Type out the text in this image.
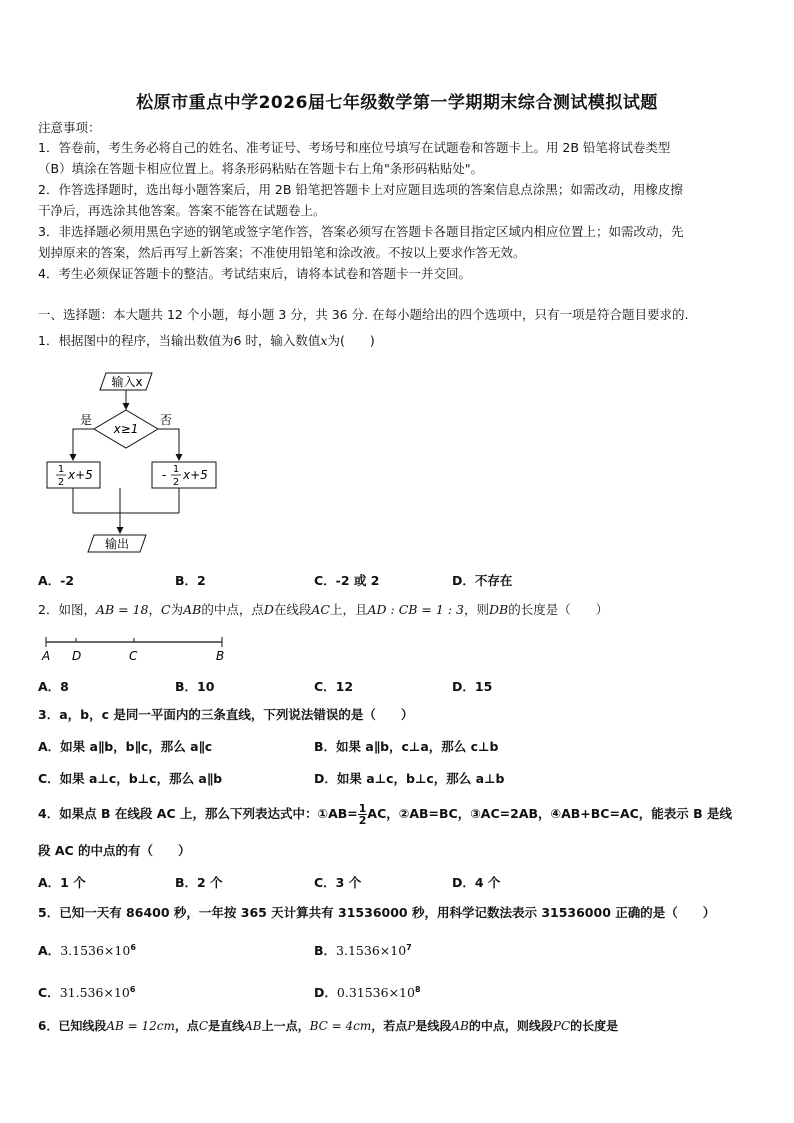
松原市重点中学2026届七年级数学第一学期期末综合测试模拟试题
注意事项：
1．答卷前，考生务必将自己的姓名、准考证号、考场号和座位号填写在试题卷和答题卡上。用 2B 铅笔将试卷类型
（B）填涂在答题卡相应位置上。将条形码粘贴在答题卡右上角"条形码粘贴处"。
2．作答选择题时，选出每小题答案后，用 2B 铅笔把答题卡上对应题目选项的答案信息点涂黑；如需改动，用橡皮擦
干净后，再选涂其他答案。答案不能答在试题卷上。
3．非选择题必须用黑色字迹的钢笔或签字笔作答，答案必须写在答题卡各题目指定区域内相应位置上；如需改动，先
划掉原来的答案，然后再写上新答案；不准使用铅笔和涂改液。不按以上要求作答无效。
4．考生必须保证答题卡的整洁。考试结束后，请将本试卷和答题卡一并交回。
一、选择题：本大题共 12 个小题，每小题 3 分，共 36 分. 在每小题给出的四个选项中，只有一项是符合题目要求的.
1．根据图中的程序，当输出数值为6 时，输入数值x为(　　)
输入x
x≥1
是	否
1
2
x+5	- 1
2
x+5
输出
A．-2	B．2	C．-2 或 2	D．不存在
2．如图，AB = 18，C为AB的中点，点D在线段AC上，且AD : CB = 1 : 3，则DB的长度是（　　）
A D	C	B
A．8	B．10	C．12	D．15
3．a，b，c 是同一平面内的三条直线，下列说法错误的是（　　）
A．如果 a∥b，b∥c，那么 a∥c	B．如果 a∥b，c⊥a，那么 c⊥b
C．如果 a⊥c，b⊥c，那么 a∥b	D．如果 a⊥c，b⊥c，那么 a⊥b
4．如果点 B 在线段 AC 上，那么下列表达式中：①AB= $\frac{1}{2}$ AC，②AB=BC，③AC=2AB，④AB+BC=AC，能表示 B 是线
段 AC 的中点的有（　　）
A．1 个	B．2 个	C．3 个	D．4 个
5．已知一天有 86400 秒，一年按 365 天计算共有 31536000 秒，用科学记数法表示 31536000 正确的是（　　）
A．$3.1536\times 10^6$	B．$3.1536\times 10^7$
C．$31.536\times 10^6$	D．$0.31536\times 10^8$
6．已知线段AB = 12cm，点C是直线AB上一点，BC = 4cm，若点P是线段AB的中点，则线段PC的长度是
